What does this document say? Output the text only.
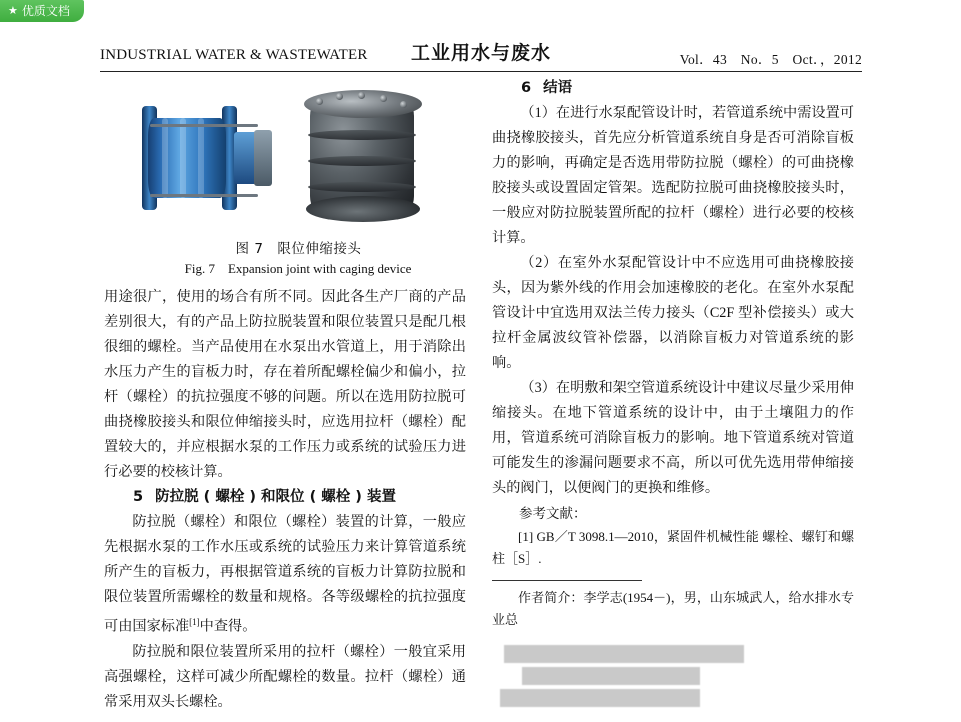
★ 优质文档
INDUSTRIAL WATER & WASTEWATER	工业用水与废水	Vol．43　No．5　Oct．，2012

图 7　限位伸缩接头

Fig. 7　Expansion joint with caging device

用途很广，使用的场合有所不同。因此各生产厂商的产品差别很大，有的产品上防拉脱装置和限位装置只是配几根很细的螺栓。当产品使用在水泵出水管道上，用于消除出水压力产生的盲板力时，存在着所配螺栓偏少和偏小，拉杆（螺栓）的抗拉强度不够的问题。所以在选用防拉脱可曲挠橡胶接头和限位伸缩接头时，应选用拉杆（螺栓）配置较大的，并应根据水泵的工作压力或系统的试验压力进行必要的校核计算。

5 防拉脱 ( 螺栓 ) 和限位 ( 螺栓 ) 装置

防拉脱（螺栓）和限位（螺栓）装置的计算，一般应先根据水泵的工作水压或系统的试验压力来计算管道系统所产生的盲板力，再根据管道系统的盲板力计算防拉脱和限位装置所需螺栓的数量和规格。各等级螺栓的抗拉强度可由国家标准[1]中查得。

防拉脱和限位装置所采用的拉杆（螺栓）一般宜采用高强螺栓，这样可减少所配螺栓的数量。拉杆（螺栓）通常采用双头长螺栓。

6 结语

（1）在进行水泵配管设计时，若管道系统中需设置可曲挠橡胶接头，首先应分析管道系统自身是否可消除盲板力的影响，再确定是否选用带防拉脱（螺栓）的可曲挠橡胶接头或设置固定管架。选配防拉脱可曲挠橡胶接头时，一般应对防拉脱装置所配的拉杆（螺栓）进行必要的校核计算。

（2）在室外水泵配管设计中不应选用可曲挠橡胶接头，因为紫外线的作用会加速橡胶的老化。在室外水泵配管设计中宜选用双法兰传力接头（C2F 型补偿接头）或大拉杆金属波纹管补偿器，以消除盲板力对管道系统的影响。

（3）在明敷和架空管道系统设计中建议尽量少采用伸缩接头。在地下管道系统的设计中，由于土壤阻力的作用，管道系统可消除盲板力的影响。地下管道系统对管道可能发生的渗漏问题要求不高，所以可优先选用带伸缩接头的阀门，以便阀门的更换和维修。

参考文献：

[1] GB／T 3098.1—2010，紧固件机械性能 螺栓、螺钉和螺柱［S］.

作者简介：李学志(1954－)，男，山东城武人，给水排水专业总
